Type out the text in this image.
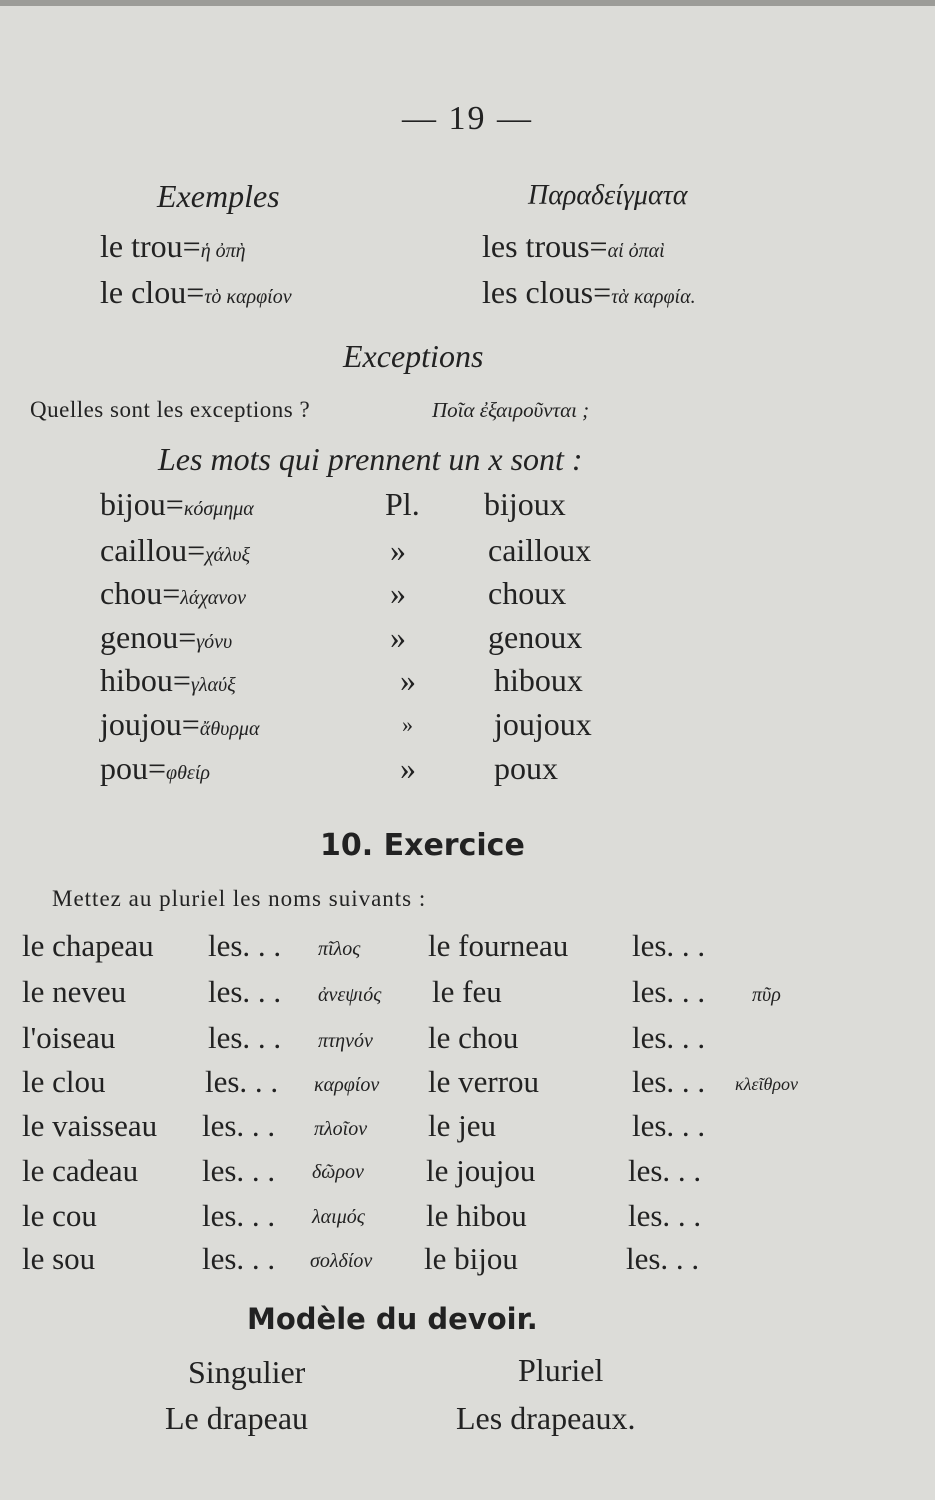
— 19 —
Exemples	Παραδείγματα
le trou=ἡ ὀπὴ	les trous=αἱ ὀπαὶ
le clou=τὸ καρφίον	les clous=τὰ καρφία.
Exceptions
Quelles sont les exceptions ?	Ποῖα ἐξαιροῦνται ;
Les mots qui prennent un x sont :
bijou=κόσμημα	Pl. bijoux
caillou=χάλυξ	»	cailloux
chou=λάχανον	»	choux
genou=γόνυ	»	genoux
hibou=γλαύξ	» hiboux
joujou=ἄθυρμα	»	joujoux
pou=φθείρ	» poux
10. Exercice
Mettez au pluriel les noms suivants :
le chapeau les. . . πῖλος le fourneau les. . .
le neveu	les. . . ἀνεψιός le feu	les. . . πῦρ
l'oiseau	les. . . πτηνόν le chou	les. . .
le clou	les. . . καρφίον le verrou	les. . . κλεῖθρον
le vaisseau les. . . πλοῖον le jeu	les. . .
le cadeau les. . . δῶρον le joujou	les. . .
le cou	les. . . λαιμός le hibou	les. . .
le sou	les. . . σολδίον le bijou	les. . .
Modèle du devoir.
Singulier	Pluriel
Le drapeau	Les drapeaux.
